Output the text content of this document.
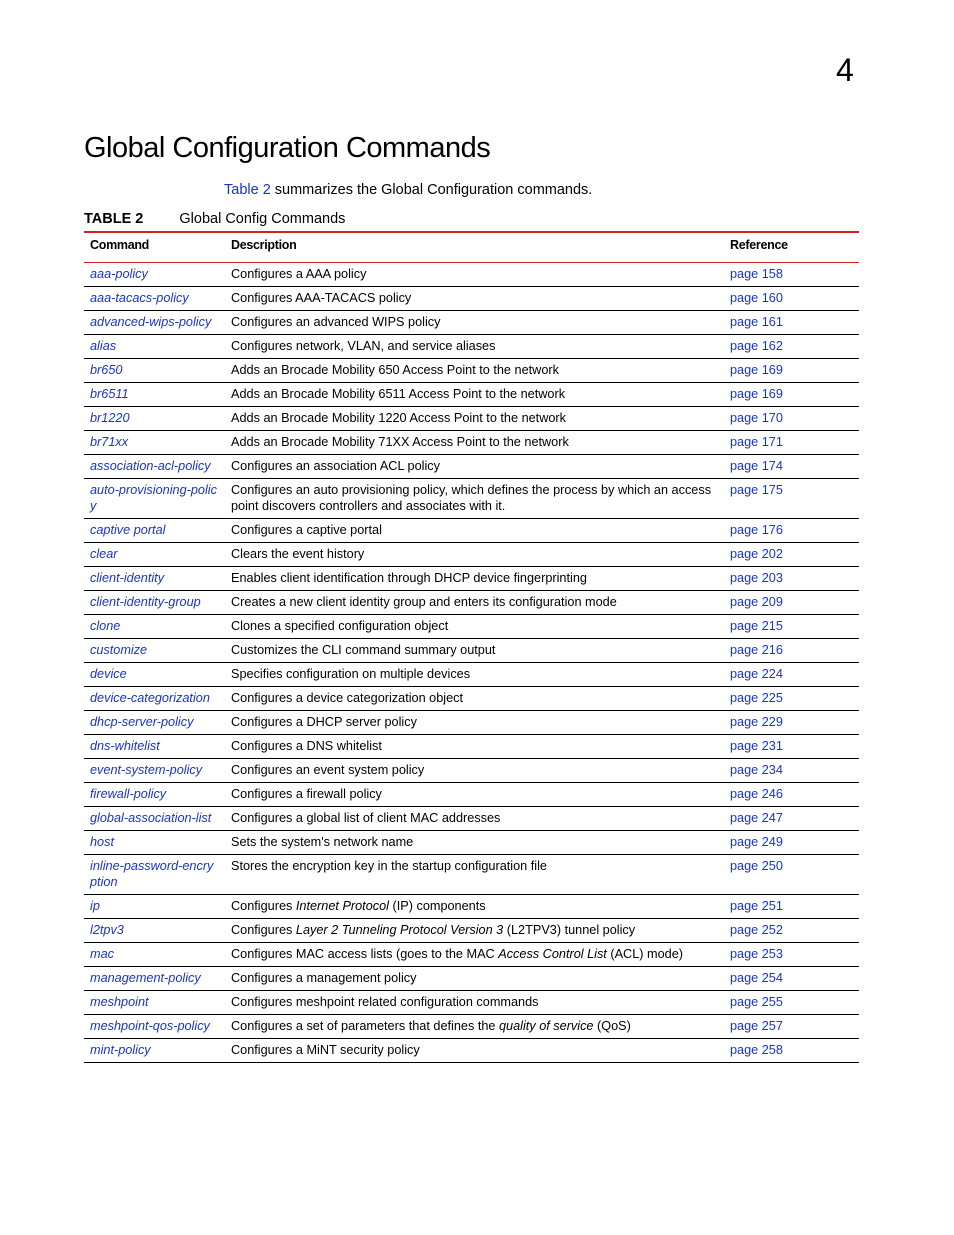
4
Global Configuration Commands
Table 2 summarizes the Global Configuration commands.
TABLE 2 Global Config Commands
Command	Description	Reference
aaa-policy	Configures a AAA policy	page 158
aaa-tacacs-policy	Configures AAA-TACACS policy	page 160
advanced-wips-policy	Configures an advanced WIPS policy	page 161
alias	Configures network, VLAN, and service aliases	page 162
br650	Adds an Brocade Mobility 650 Access Point to the network	page 169
br6511	Adds an Brocade Mobility 6511 Access Point to the network	page 169
br1220	Adds an Brocade Mobility 1220 Access Point to the network	page 170
br71xx	Adds an Brocade Mobility 71XX Access Point to the network	page 171
association-acl-policy	Configures an association ACL policy	page 174
auto-provisioning-policy	Configures an auto provisioning policy, which defines the process by which an access point discovers controllers and associates with it.	page 175
captive portal	Configures a captive portal	page 176
clear	Clears the event history	page 202
client-identity	Enables client identification through DHCP device fingerprinting	page 203
client-identity-group	Creates a new client identity group and enters its configuration mode	page 209
clone	Clones a specified configuration object	page 215
customize	Customizes the CLI command summary output	page 216
device	Specifies configuration on multiple devices	page 224
device-categorization	Configures a device categorization object	page 225
dhcp-server-policy	Configures a DHCP server policy	page 229
dns-whitelist	Configures a DNS whitelist	page 231
event-system-policy	Configures an event system policy	page 234
firewall-policy	Configures a firewall policy	page 246
global-association-list	Configures a global list of client MAC addresses	page 247
host	Sets the system's network name	page 249
inline-password-encryption	Stores the encryption key in the startup configuration file	page 250
ip	Configures Internet Protocol (IP) components	page 251
l2tpv3	Configures Layer 2 Tunneling Protocol Version 3 (L2TPV3) tunnel policy	page 252
mac	Configures MAC access lists (goes to the MAC Access Control List (ACL) mode)	page 253
management-policy	Configures a management policy	page 254
meshpoint	Configures meshpoint related configuration commands	page 255
meshpoint-qos-policy	Configures a set of parameters that defines the quality of service (QoS)	page 257
mint-policy	Configures a MiNT security policy	page 258
